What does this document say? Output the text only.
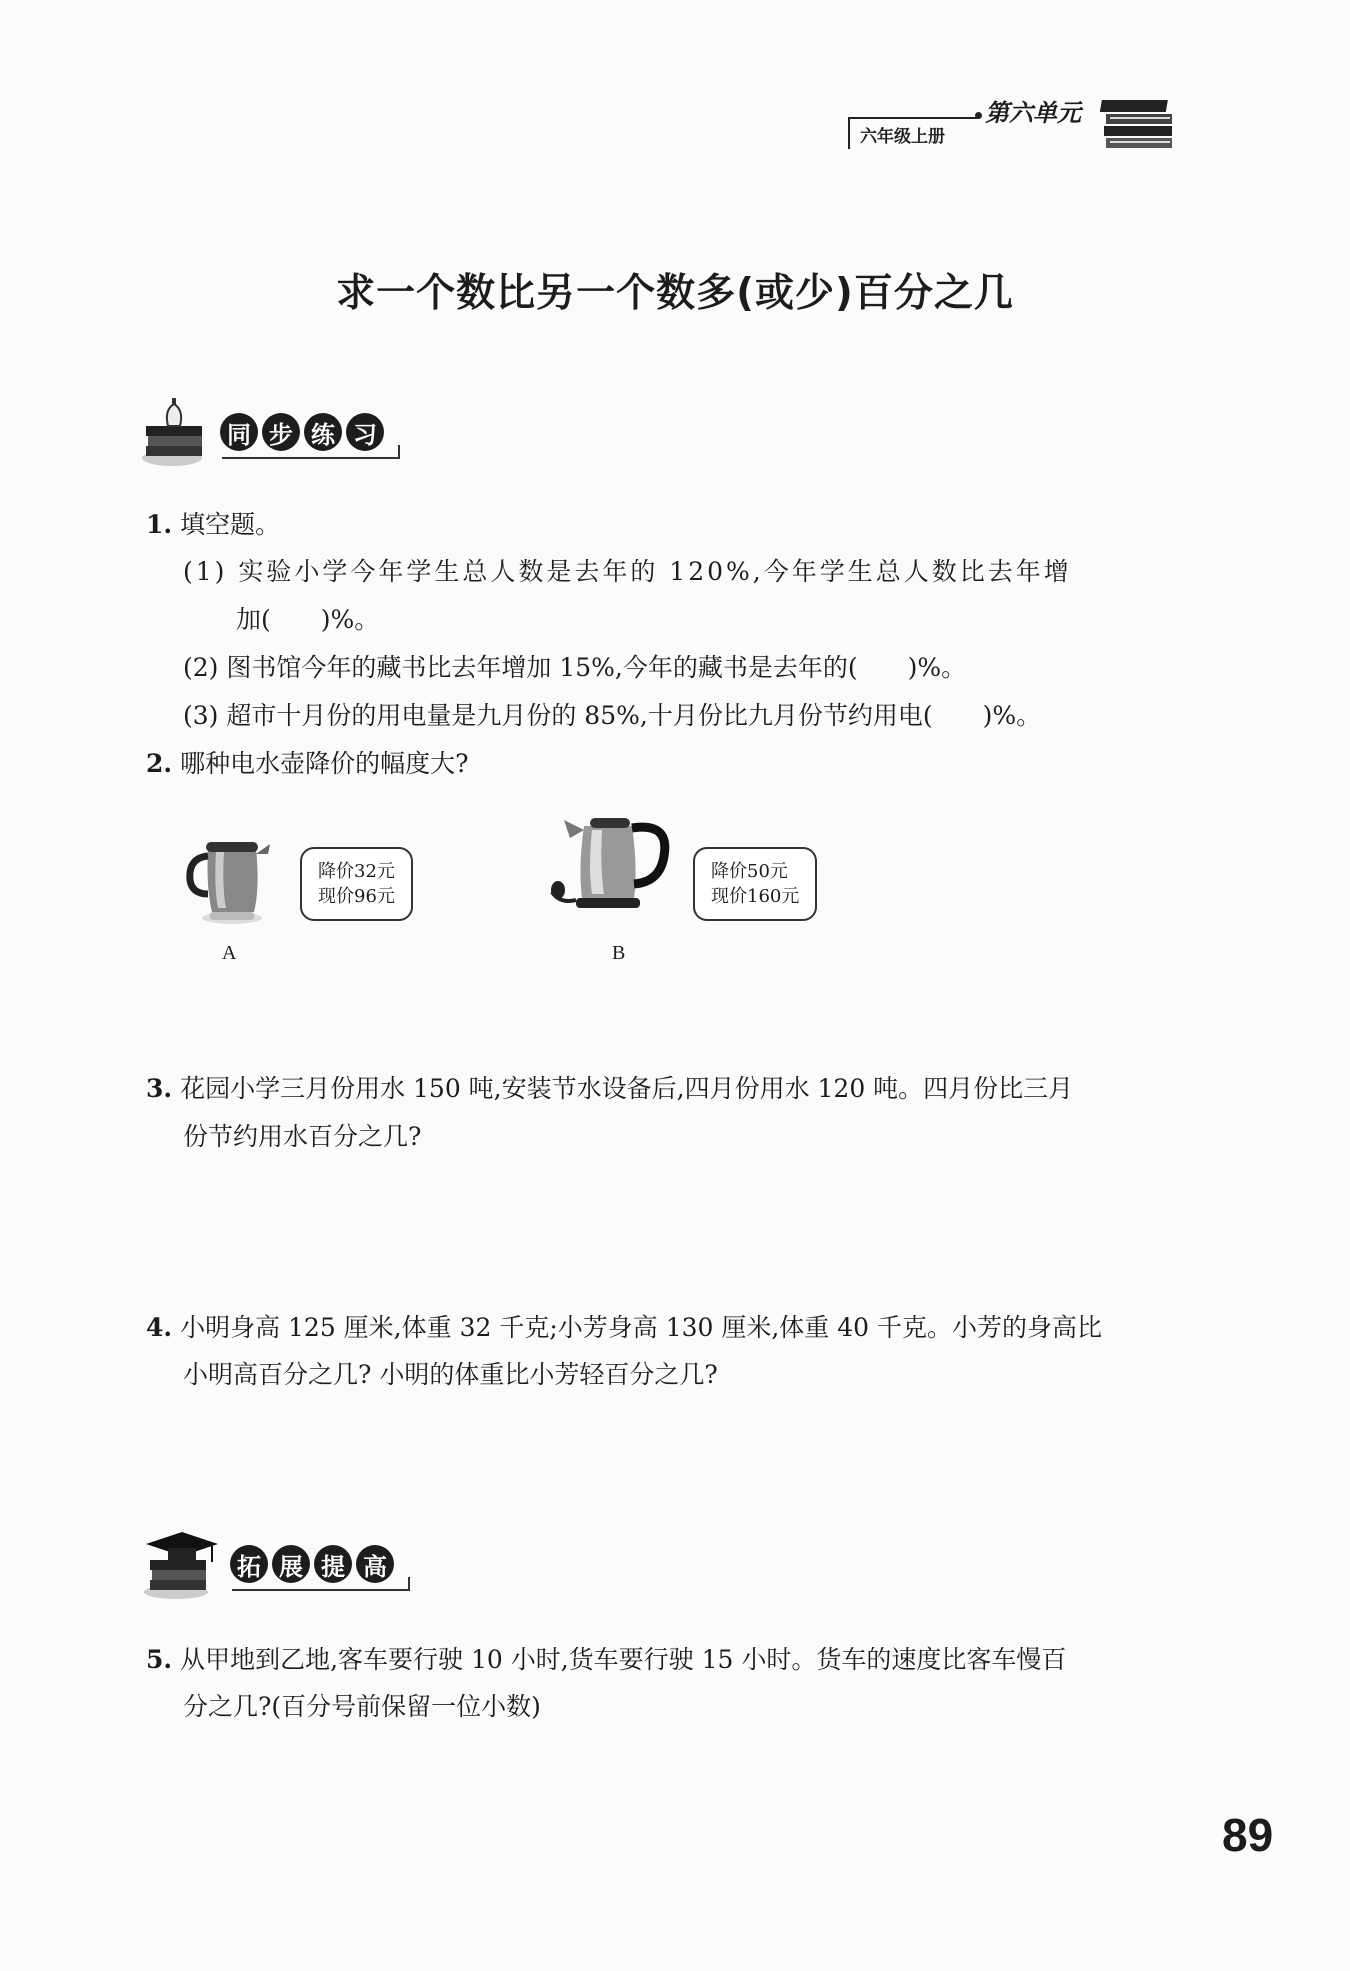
第六单元
六年级上册
求一个数比另一个数多(或少)百分之几
同 步 练 习
1. 填空题。
(1) 实验小学今年学生总人数是去年的 120%,今年学生总人数比去年增
加(　　)%。
(2) 图书馆今年的藏书比去年增加 15%,今年的藏书是去年的(　　)%。
(3) 超市十月份的用电量是九月份的 85%,十月份比九月份节约用电(　　)%。
2. 哪种电水壶降价的幅度大?
A
降价32元
现价96元
B
降价50元
现价160元
3. 花园小学三月份用水 150 吨,安装节水设备后,四月份用水 120 吨。四月份比三月
份节约用水百分之几?
4. 小明身高 125 厘米,体重 32 千克;小芳身高 130 厘米,体重 40 千克。小芳的身高比
小明高百分之几? 小明的体重比小芳轻百分之几?
拓 展 提 高
5. 从甲地到乙地,客车要行驶 10 小时,货车要行驶 15 小时。货车的速度比客车慢百
分之几?(百分号前保留一位小数)
89
